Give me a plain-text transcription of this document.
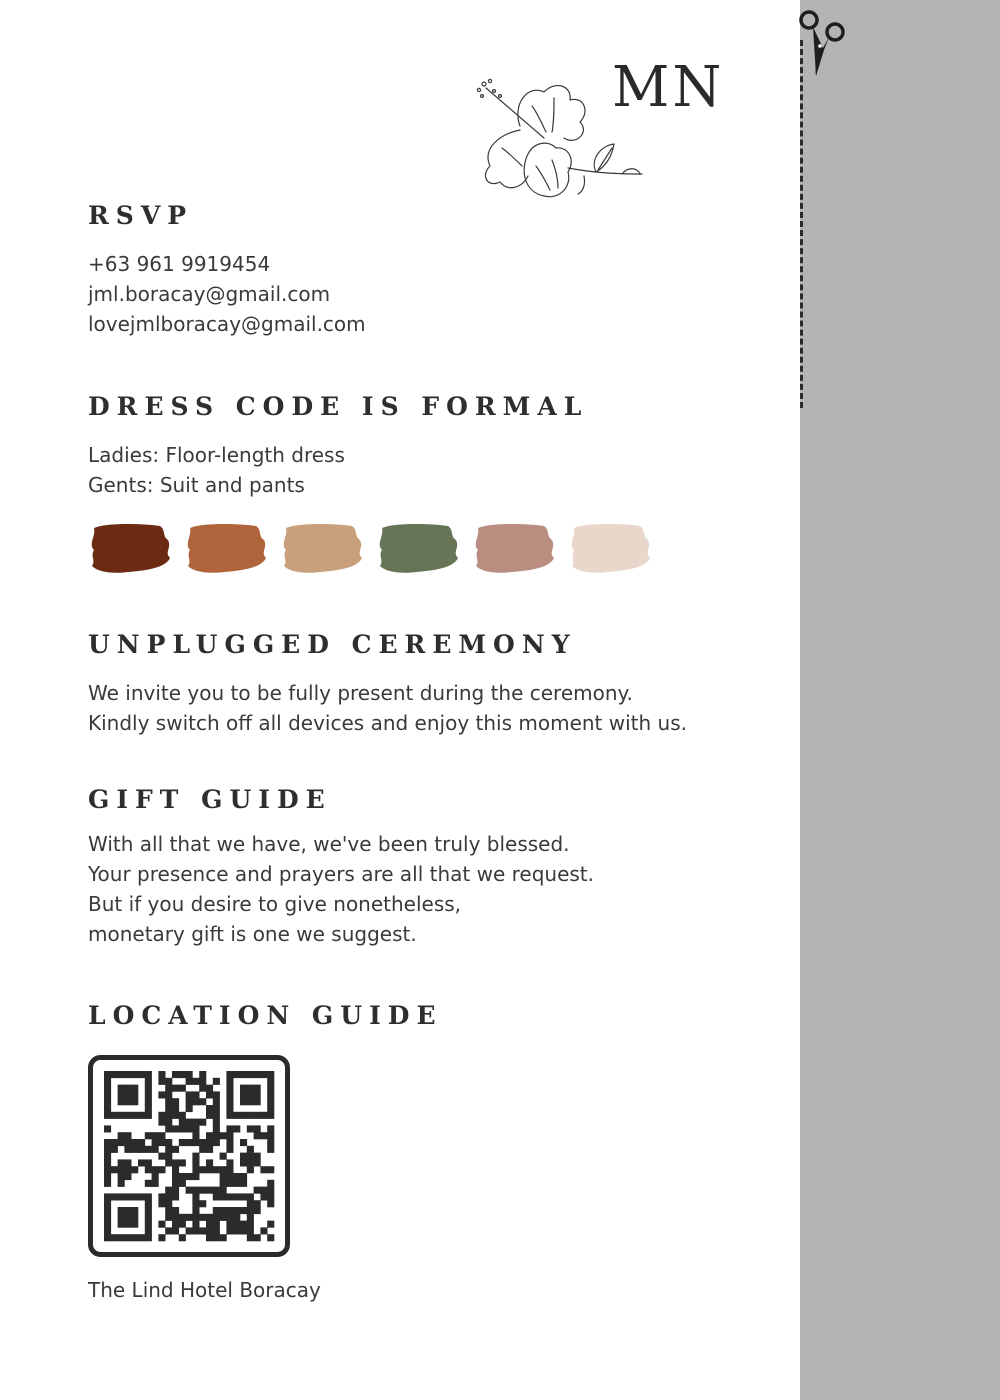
MN
RSVP
+63 961 9919454
jml.boracay@gmail.com
lovejmlboracay@gmail.com
DRESS CODE IS FORMAL
Ladies: Floor-length dress
Gents: Suit and pants
UNPLUGGED CEREMONY
We invite you to be fully present during the ceremony.
Kindly switch off all devices and enjoy this moment with us.
GIFT GUIDE
With all that we have, we've been truly blessed.
Your presence and prayers are all that we request.
But if you desire to give nonetheless,
monetary gift is one we suggest.
LOCATION GUIDE
The Lind Hotel Boracay
